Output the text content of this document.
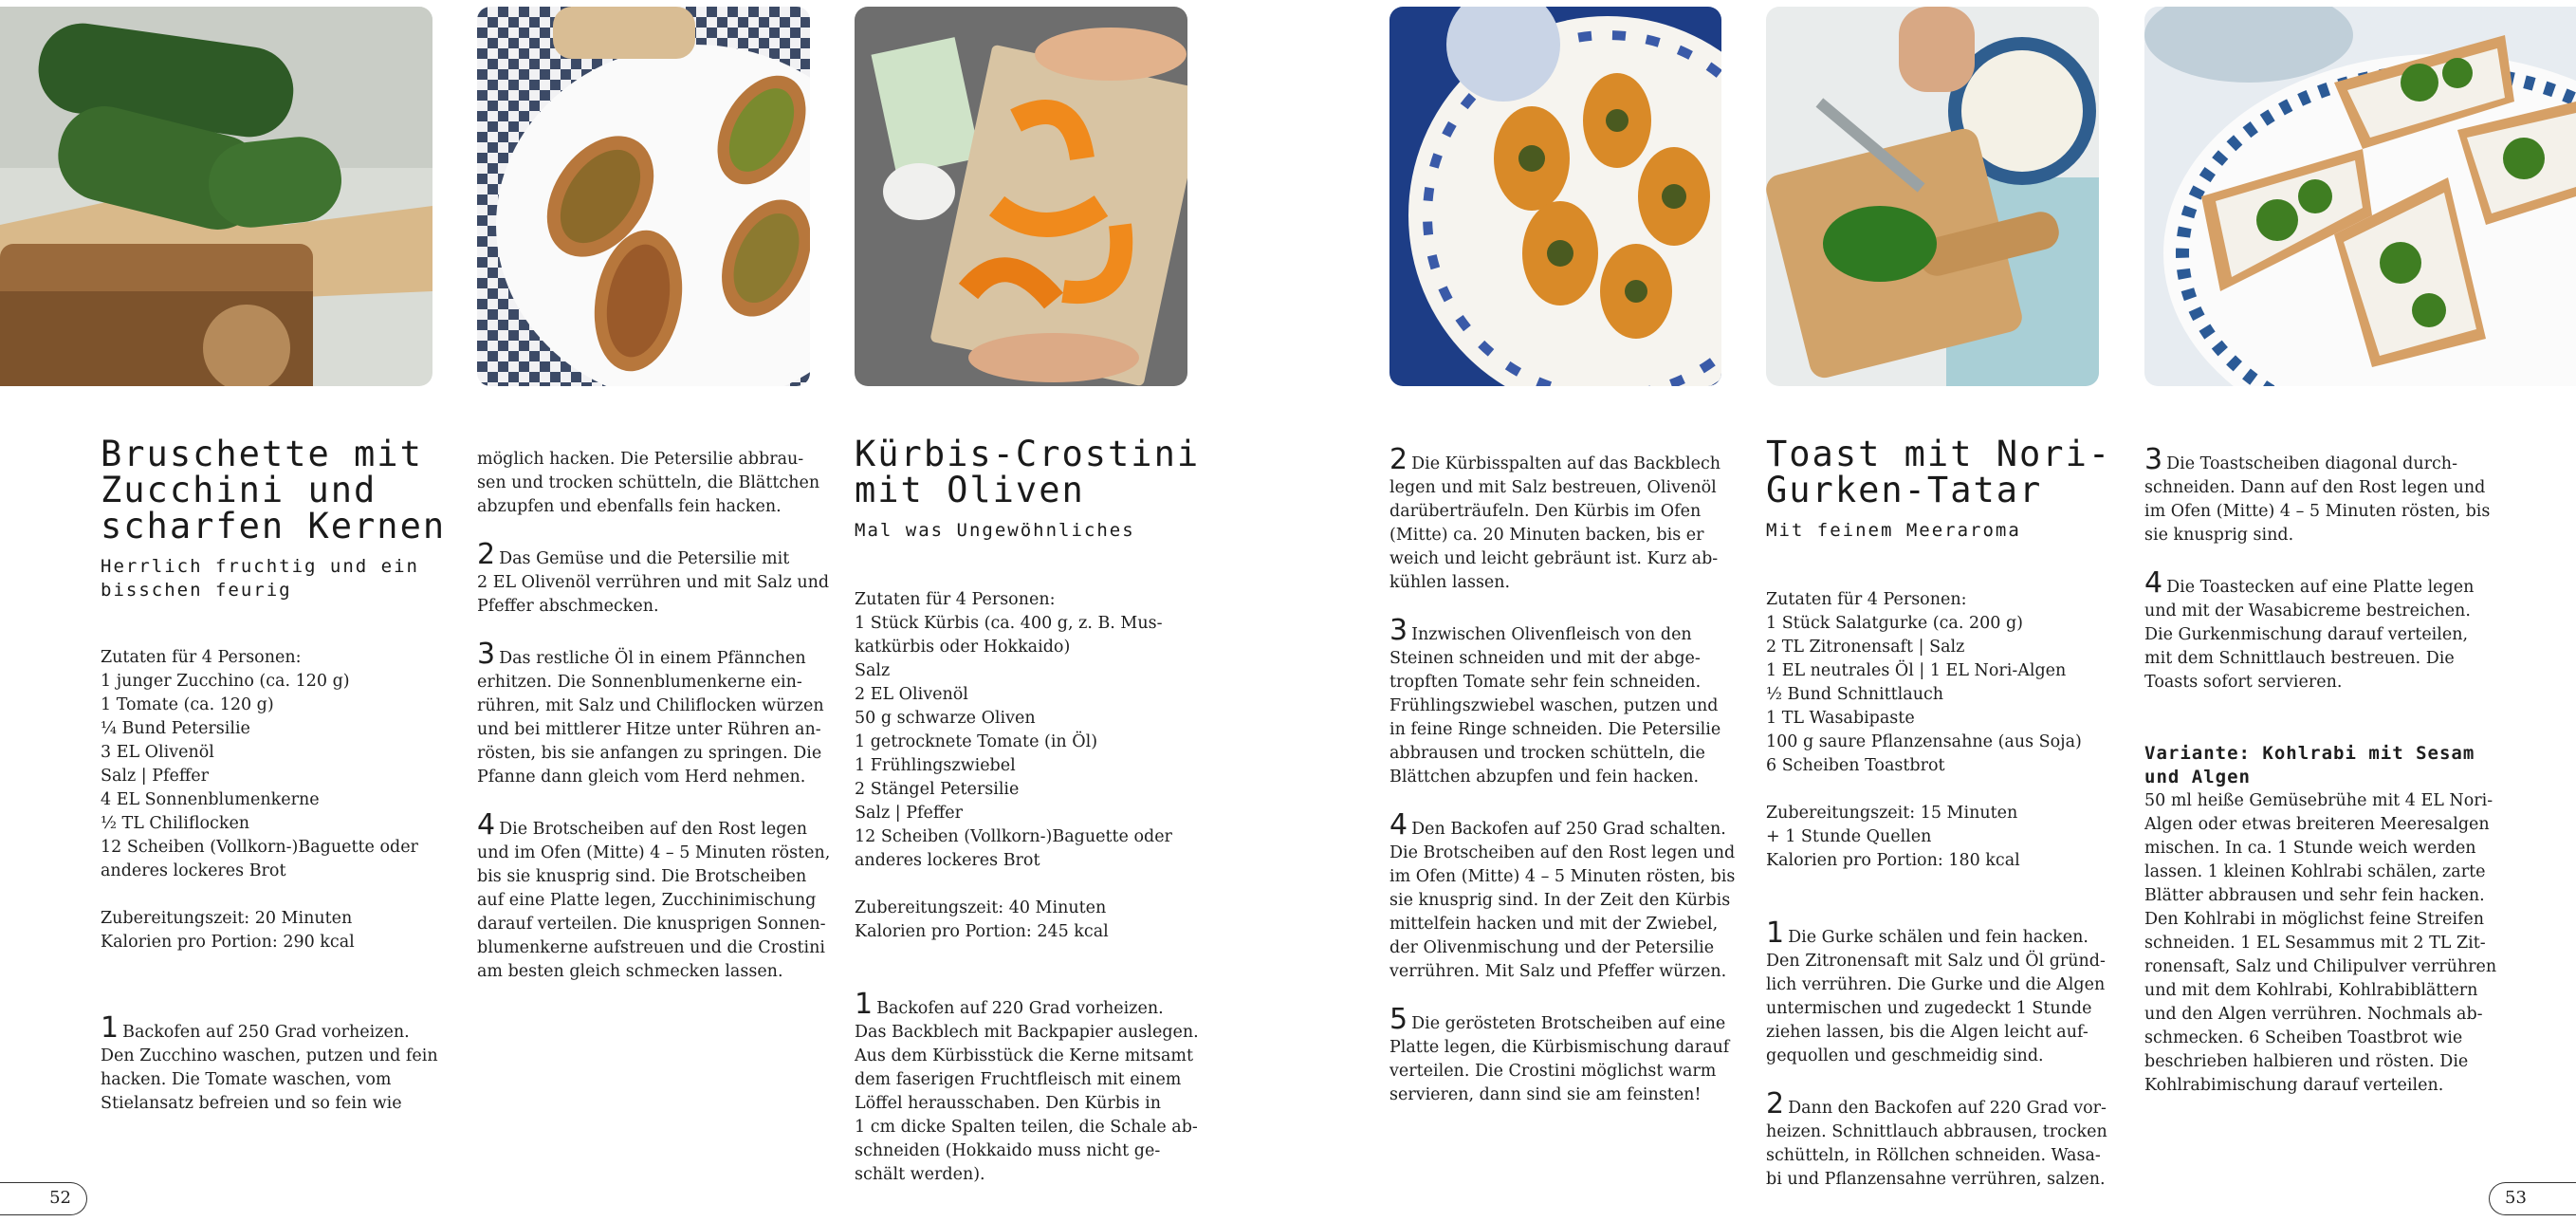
Bruschette mit
Zucchini und
scharfen Kernen
Herrlich fruchtig und ein
bisschen feurig
Zutaten für 4 Personen:
1 junger Zucchino (ca. 120 g)
1 Tomate (ca. 120 g)
¼ Bund Petersilie
3 EL Olivenöl
Salz | Pfeffer
4 EL Sonnenblumenkerne
½ TL Chiliflocken
12 Scheiben (Vollkorn-)Baguette oder
anderes lockeres Brot
Zubereitungszeit: 20 Minuten
Kalorien pro Portion: 290 kcal
1 Backofen auf 250 Grad vorheizen.
Den Zucchino waschen, putzen und fein
hacken. Die Tomate waschen, vom
Stielansatz befreien und so fein wie
möglich hacken. Die Petersilie abbrau-
sen und trocken schütteln, die Blättchen
abzupfen und ebenfalls fein hacken.
2 Das Gemüse und die Petersilie mit
2 EL Olivenöl verrühren und mit Salz und
Pfeffer abschmecken.
3 Das restliche Öl in einem Pfännchen
erhitzen. Die Sonnenblumenkerne ein-
rühren, mit Salz und Chiliflocken würzen
und bei mittlerer Hitze unter Rühren an-
rösten, bis sie anfangen zu springen. Die
Pfanne dann gleich vom Herd nehmen.
4 Die Brotscheiben auf den Rost legen
und im Ofen (Mitte) 4 – 5 Minuten rösten,
bis sie knusprig sind. Die Brotscheiben
auf eine Platte legen, Zucchinimischung
darauf verteilen. Die knusprigen Sonnen-
blumenkerne aufstreuen und die Crostini
am besten gleich schmecken lassen.
Kürbis-Crostini
mit Oliven
Mal was Ungewöhnliches
Zutaten für 4 Personen:
1 Stück Kürbis (ca. 400 g, z. B. Mus-
katkürbis oder Hokkaido)
Salz
2 EL Olivenöl
50 g schwarze Oliven
1 getrocknete Tomate (in Öl)
1 Frühlingszwiebel
2 Stängel Petersilie
Salz | Pfeffer
12 Scheiben (Vollkorn-)Baguette oder
anderes lockeres Brot
Zubereitungszeit: 40 Minuten
Kalorien pro Portion: 245 kcal
1 Backofen auf 220 Grad vorheizen.
Das Backblech mit Backpapier auslegen.
Aus dem Kürbisstück die Kerne mitsamt
dem faserigen Fruchtfleisch mit einem
Löffel herausschaben. Den Kürbis in
1 cm dicke Spalten teilen, die Schale ab-
schneiden (Hokkaido muss nicht ge-
schält werden).
2 Die Kürbisspalten auf das Backblech
legen und mit Salz bestreuen, Olivenöl
darüberträufeln. Den Kürbis im Ofen
(Mitte) ca. 20 Minuten backen, bis er
weich und leicht gebräunt ist. Kurz ab-
kühlen lassen.
3 Inzwischen Olivenfleisch von den
Steinen schneiden und mit der abge-
tropften Tomate sehr fein schneiden.
Frühlingszwiebel waschen, putzen und
in feine Ringe schneiden. Die Petersilie
abbrausen und trocken schütteln, die
Blättchen abzupfen und fein hacken.
4 Den Backofen auf 250 Grad schalten.
Die Brotscheiben auf den Rost legen und
im Ofen (Mitte) 4 – 5 Minuten rösten, bis
sie knusprig sind. In der Zeit den Kürbis
mittelfein hacken und mit der Zwiebel,
der Olivenmischung und der Petersilie
verrühren. Mit Salz und Pfeffer würzen.
5 Die gerösteten Brotscheiben auf eine
Platte legen, die Kürbismischung darauf
verteilen. Die Crostini möglichst warm
servieren, dann sind sie am feinsten!
Toast mit Nori-
Gurken-Tatar
Mit feinem Meeraroma
Zutaten für 4 Personen:
1 Stück Salatgurke (ca. 200 g)
2 TL Zitronensaft | Salz
1 EL neutrales Öl | 1 EL Nori-Algen
½ Bund Schnittlauch
1 TL Wasabipaste
100 g saure Pflanzensahne (aus Soja)
6 Scheiben Toastbrot
Zubereitungszeit: 15 Minuten
+ 1 Stunde Quellen
Kalorien pro Portion: 180 kcal
1 Die Gurke schälen und fein hacken.
Den Zitronensaft mit Salz und Öl gründ-
lich verrühren. Die Gurke und die Algen
untermischen und zugedeckt 1 Stunde
ziehen lassen, bis die Algen leicht auf-
gequollen und geschmeidig sind.
2 Dann den Backofen auf 220 Grad vor-
heizen. Schnittlauch abbrausen, trocken
schütteln, in Röllchen schneiden. Wasa-
bi und Pflanzensahne verrühren, salzen.
3 Die Toastscheiben diagonal durch-
schneiden. Dann auf den Rost legen und
im Ofen (Mitte) 4 – 5 Minuten rösten, bis
sie knusprig sind.
4 Die Toastecken auf eine Platte legen
und mit der Wasabicreme bestreichen.
Die Gurkenmischung darauf verteilen,
mit dem Schnittlauch bestreuen. Die
Toasts sofort servieren.
Variante: Kohlrabi mit Sesam
und Algen
50 ml heiße Gemüsebrühe mit 4 EL Nori-
Algen oder etwas breiteren Meeresalgen
mischen. In ca. 1 Stunde weich werden
lassen. 1 kleinen Kohlrabi schälen, zarte
Blätter abbrausen und sehr fein hacken.
Den Kohlrabi in möglichst feine Streifen
schneiden. 1 EL Sesammus mit 2 TL Zit-
ronensaft, Salz und Chilipulver verrühren
und mit dem Kohlrabi, Kohlrabiblättern
und den Algen verrühren. Nochmals ab-
schmecken. 6 Scheiben Toastbrot wie
beschrieben halbieren und rösten. Die
Kohlrabimischung darauf verteilen.
52	53
